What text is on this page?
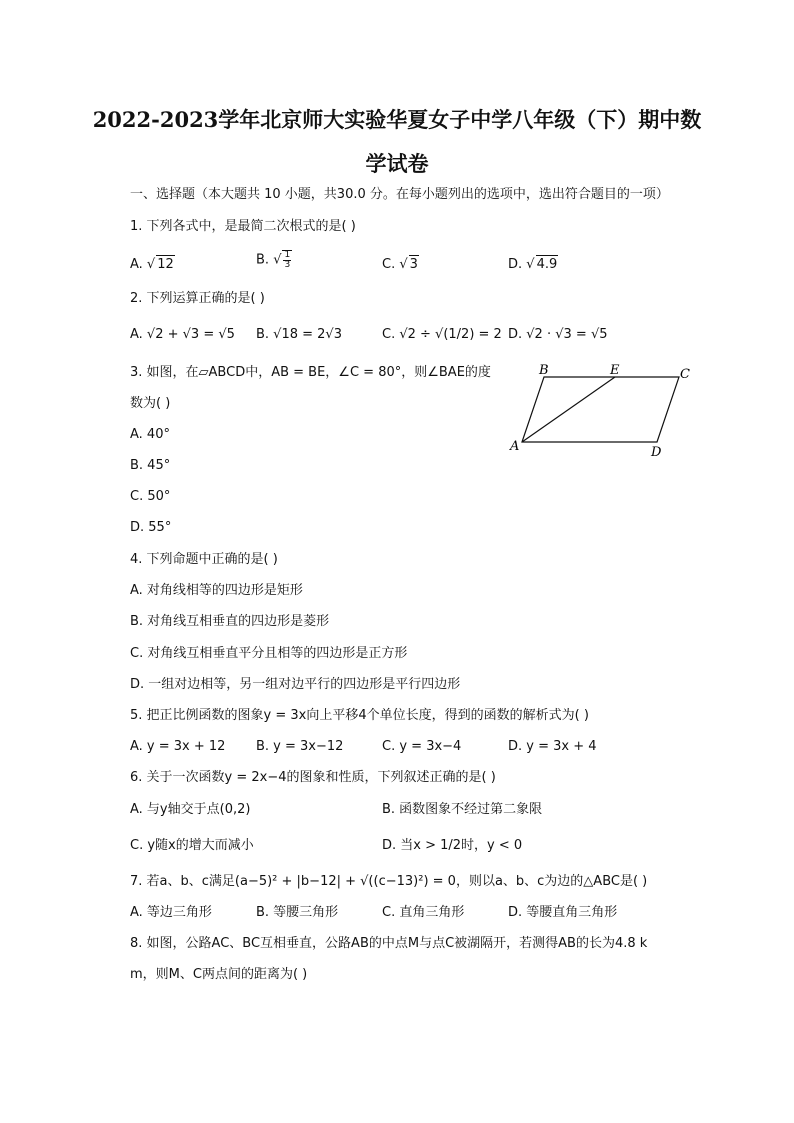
2022-2023学年北京师大实验华夏女子中学八年级（下）期中数
学试卷
一、选择题（本大题共 10 小题，共30.0 分。在每小题列出的选项中，选出符合题目的一项）
1. 下列各式中，是最简二次根式的是( )
A. √ 12	B. √ $\frac{1}{3}$	C. √ 3	D. √ 4.9
2. 下列运算正确的是( )
A. √2 + √3 = √5 B. √18 = 2√3	C. √2 ÷ √(1/2) = 2 D. √2 · √3 = √5
3. 如图，在▱ABCD中，AB = BE，∠C = 80°，则∠BAE的度
数为( )
A. 40°
B. 45°
C. 50°
D. 55°
B	E	C
A	D
4. 下列命题中正确的是( )
A. 对角线相等的四边形是矩形
B. 对角线互相垂直的四边形是菱形
C. 对角线互相垂直平分且相等的四边形是正方形
D. 一组对边相等，另一组对边平行的四边形是平行四边形
5. 把正比例函数的图象y = 3x向上平移4个单位长度，得到的函数的解析式为( )
A. y = 3x + 12 B. y = 3x−12	C. y = 3x−4	D. y = 3x + 4
6. 关于一次函数y = 2x−4的图象和性质，下列叙述正确的是( )
A. 与y轴交于点(0,2)	B. 函数图象不经过第二象限
C. y随x的增大而减小	D. 当x > 1/2时，y < 0
7. 若a、b、c满足(a−5)² + |b−12| + √((c−13)²) = 0，则以a、b、c为边的△ABC是( )
A. 等边三角形	B. 等腰三角形	C. 直角三角形	D. 等腰直角三角形
8. 如图，公路AC、BC互相垂直，公路AB的中点M与点C被湖隔开，若测得AB的长为4.8 k
m，则M、C两点间的距离为( )
